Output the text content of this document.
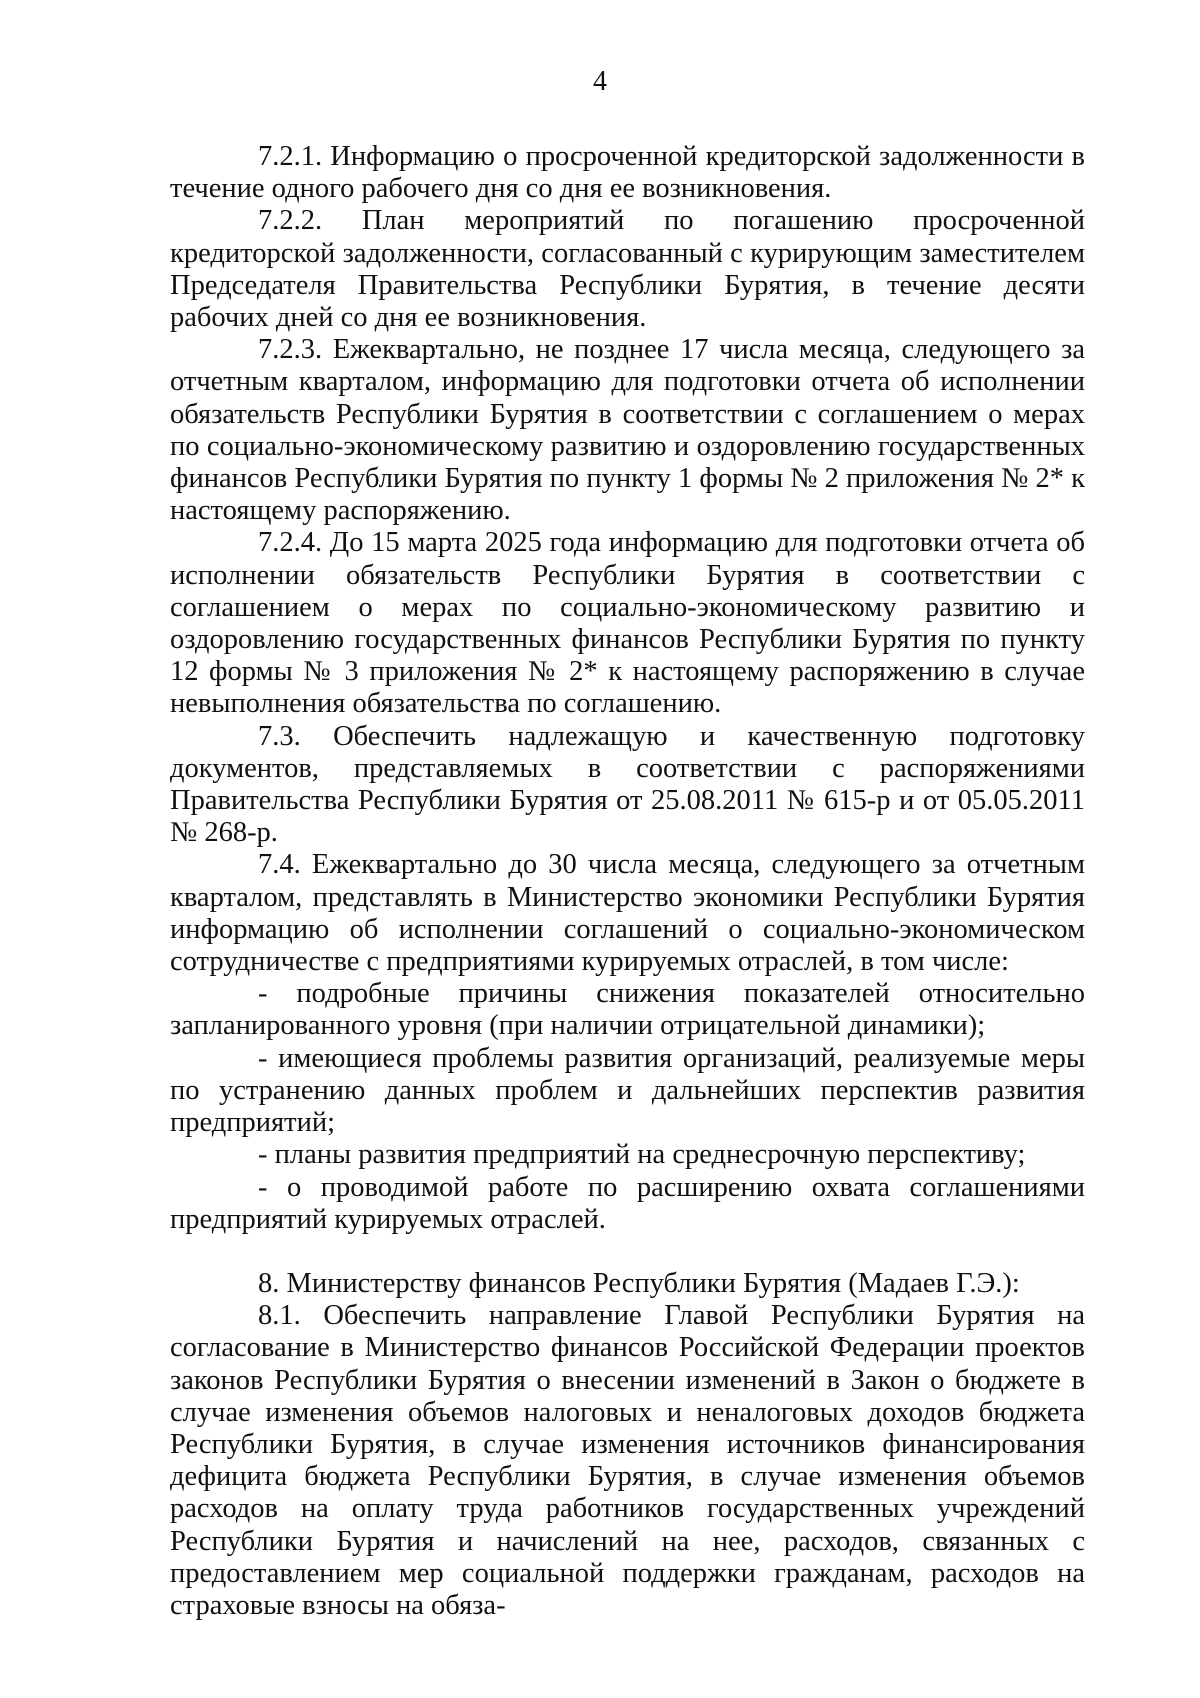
4

7.2.1. Информацию о просроченной кредиторской задолженности в течение одного рабочего дня со дня ее возникновения.

7.2.2. План мероприятий по погашению просроченной кредиторской задолженности, согласованный с курирующим заместителем Председателя Правительства Республики Бурятия, в течение десяти рабочих дней со дня ее возникновения.

7.2.3. Ежеквартально, не позднее 17 числа месяца, следующего за отчетным кварталом, информацию для подготовки отчета об исполнении обязательств Республики Бурятия в соответствии с соглашением о мерах по социально-экономическому развитию и оздоровлению государственных финансов Республики Бурятия по пункту 1 формы № 2 приложения № 2* к настоящему распоряжению.

7.2.4. До 15 марта 2025 года информацию для подготовки отчета об исполнении обязательств Республики Бурятия в соответствии с соглашением о мерах по социально-экономическому развитию и оздоровлению государственных финансов Республики Бурятия по пункту 12 формы № 3 приложения № 2* к настоящему распоряжению в случае невыполнения обязательства по соглашению.

7.3. Обеспечить надлежащую и качественную подготовку документов, представляемых в соответствии с распоряжениями Правительства Республики Бурятия от 25.08.2011 № 615-р и от 05.05.2011 № 268-р.

7.4. Ежеквартально до 30 числа месяца, следующего за отчетным кварталом, представлять в Министерство экономики Республики Бурятия информацию об исполнении соглашений о социально-экономическом сотрудничестве с предприятиями курируемых отраслей, в том числе:

- подробные причины снижения показателей относительно запланированного уровня (при наличии отрицательной динамики);

- имеющиеся проблемы развития организаций, реализуемые меры по устранению данных проблем и дальнейших перспектив развития предприятий;

- планы развития предприятий на среднесрочную перспективу;

- о проводимой работе по расширению охвата соглашениями предприятий курируемых отраслей.

8. Министерству финансов Республики Бурятия (Мадаев Г.Э.):

8.1. Обеспечить направление Главой Республики Бурятия на согласование в Министерство финансов Российской Федерации проектов законов Республики Бурятия о внесении изменений в Закон о бюджете в случае изменения объемов налоговых и неналоговых доходов бюджета Республики Бурятия, в случае изменения источников финансирования дефицита бюджета Республики Бурятия, в случае изменения объемов расходов на оплату труда работников государственных учреждений Республики Бурятия и начислений на нее, расходов, связанных с предоставлением мер социальной поддержки гражданам, расходов на страховые взносы на обяза-
